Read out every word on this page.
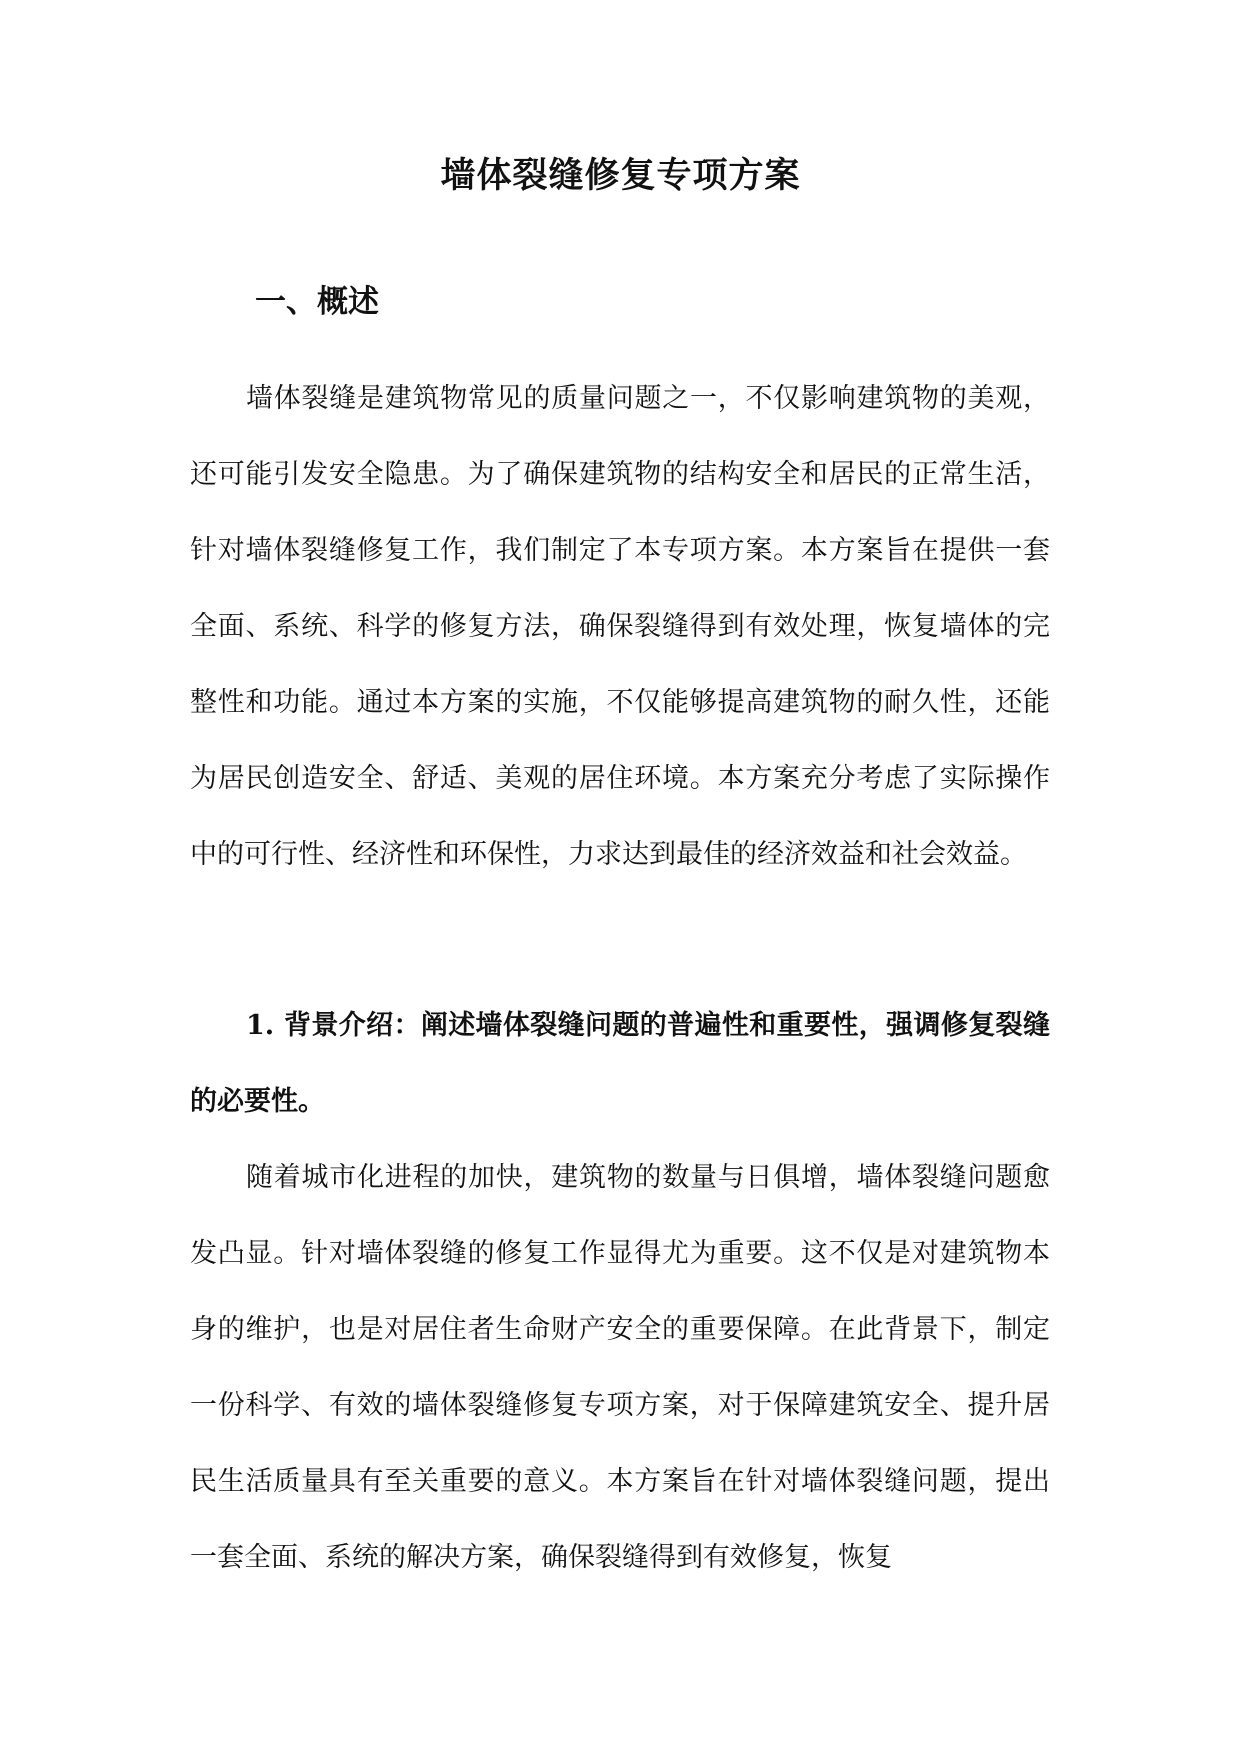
墙体裂缝修复专项方案
一、概述

墙体裂缝是建筑物常见的质量问题之一，不仅影响建筑物的美观，还可能引发安全隐患。为了确保建筑物的结构安全和居民的正常生活，针对墙体裂缝修复工作，我们制定了本专项方案。本方案旨在提供一套全面、系统、科学的修复方法，确保裂缝得到有效处理，恢复墙体的完整性和功能。通过本方案的实施，不仅能够提高建筑物的耐久性，还能为居民创造安全、舒适、美观的居住环境。本方案充分考虑了实际操作中的可行性、经济性和环保性，力求达到最佳的经济效益和社会效益。

1. 背景介绍：阐述墙体裂缝问题的普遍性和重要性，强调修复裂缝的必要性。

随着城市化进程的加快，建筑物的数量与日俱增，墙体裂缝问题愈发凸显。针对墙体裂缝的修复工作显得尤为重要。这不仅是对建筑物本身的维护，也是对居住者生命财产安全的重要保障。在此背景下，制定一份科学、有效的墙体裂缝修复专项方案，对于保障建筑安全、提升居民生活质量具有至关重要的意义。本方案旨在针对墙体裂缝问题，提出一套全面、系统的解决方案，确保裂缝得到有效修复，恢复
